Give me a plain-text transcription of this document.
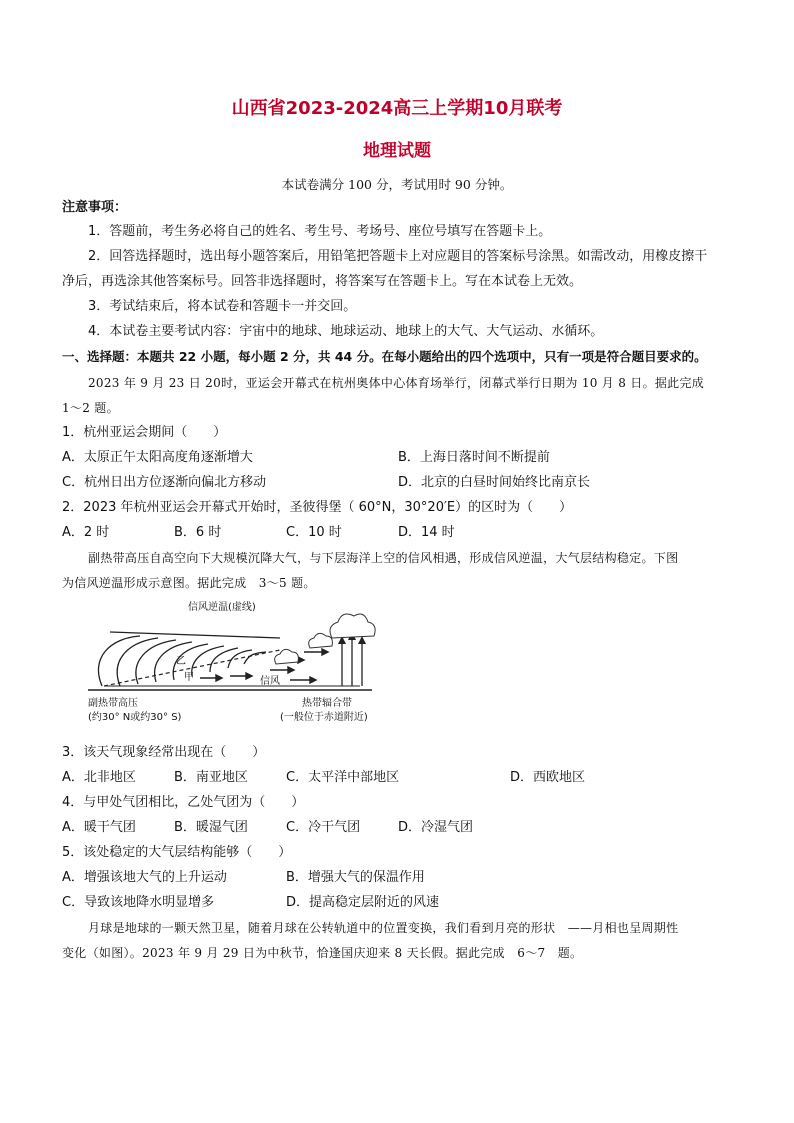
山西省2023-2024高三上学期10月联考
地理试题
本试卷满分 100 分，考试用时 90 分钟。
注意事项：
1．答题前，考生务必将自己的姓名、考生号、考场号、座位号填写在答题卡上。
2．回答选择题时，选出每小题答案后，用铅笔把答题卡上对应题目的答案标号涂黑。如需改动，用橡皮擦干
净后，再选涂其他答案标号。回答非选择题时，将答案写在答题卡上。写在本试卷上无效。
3．考试结束后，将本试卷和答题卡一并交回。
4．本试卷主要考试内容：宇宙中的地球、地球运动、地球上的大气、大气运动、水循环。
一、选择题：本题共 22 小题，每小题 2 分，共 44 分。在每小题给出的四个选项中，只有一项是符合题目要求的。
2023 年 9 月 23 日 20时，亚运会开幕式在杭州奥体中心体育场举行，闭幕式举行日期为 10 月 8 日。据此完成
1～2 题。
1．杭州亚运会期间（　　）
A．太原正午太阳高度角逐渐增大	B．上海日落时间不断提前
C．杭州日出方位逐渐向偏北方移动	D．北京的白昼时间始终比南京长
2．2023 年杭州亚运会开幕式开始时，圣彼得堡（ 60°N，30°20′E）的区时为（　　）
A．2 时	B．6 时	C．10 时	D．14 时
副热带高压自高空向下大规模沉降大气，与下层海洋上空的信风相遇，形成信风逆温，大气层结构稳定。下图
为信风逆温形成示意图。据此完成　3～5 题。
信风逆温(虚线)
甲
乙
信风
副热带高压
(约30° N或约30° S)
热带辐合带
(一般位于赤道附近)
3．该天气现象经常出现在（　　）
A．北非地区	B．南亚地区	C．太平洋中部地区	D．西欧地区
4．与甲处气团相比，乙处气团为（　　）
A．暖干气团	B．暖湿气团	C．冷干气团	D．冷湿气团
5．该处稳定的大气层结构能够（　　）
A．增强该地大气的上升运动	B．增强大气的保温作用
C．导致该地降水明显增多	D．提高稳定层附近的风速
月球是地球的一颗天然卫星，随着月球在公转轨道中的位置变换，我们看到月亮的形状　——月相也呈周期性
变化（如图）。2023 年 9 月 29 日为中秋节，恰逢国庆迎来 8 天长假。据此完成　6～7　题。
